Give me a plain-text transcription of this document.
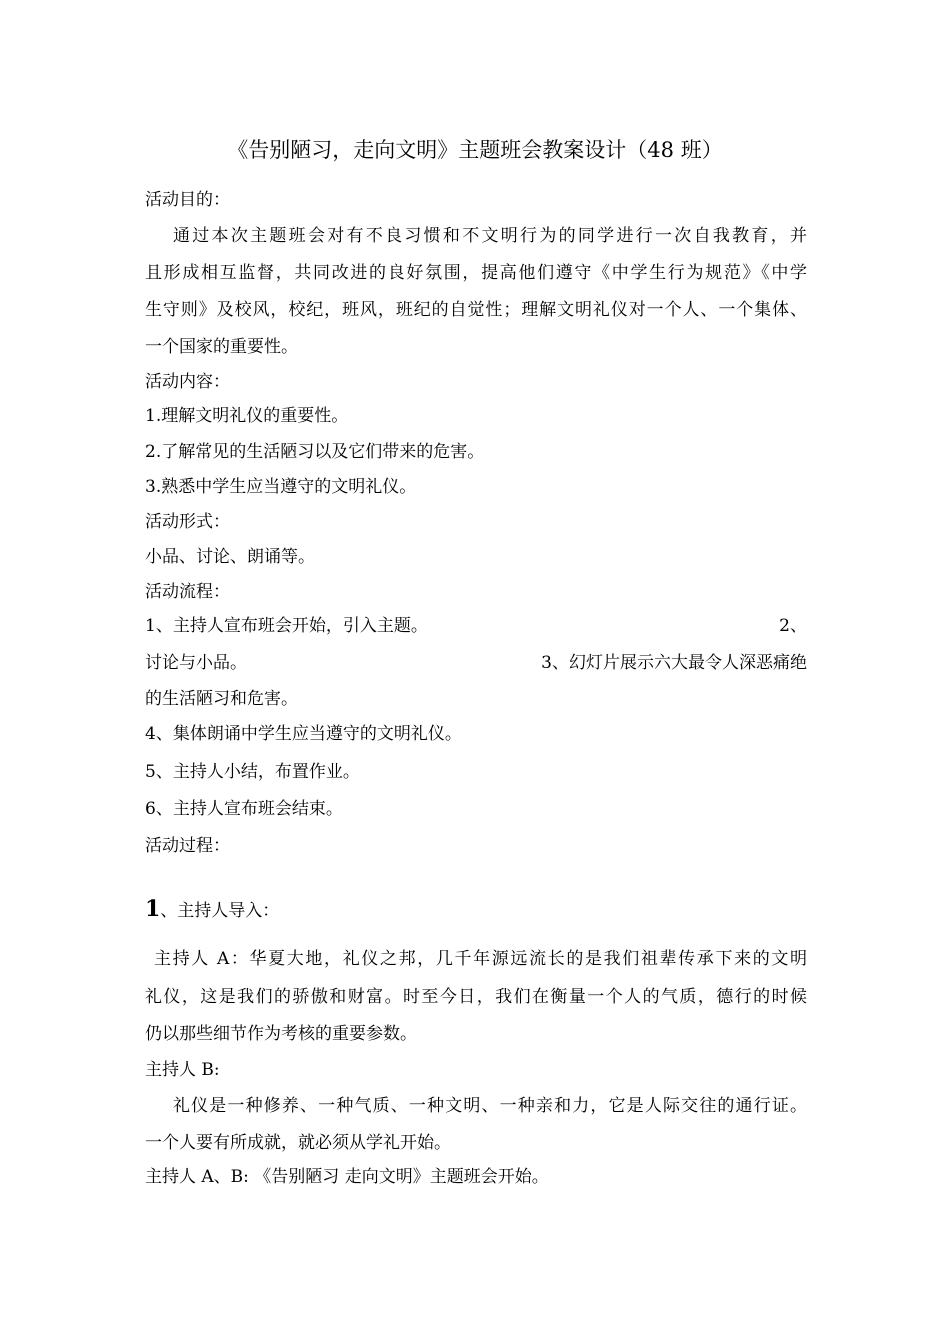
《告别陋习，走向文明》主题班会教案设计（48 班）
活动目的：
通过本次主题班会对有不良习惯和不文明行为的同学进行一次自我教育，并
且形成相互监督，共同改进的良好氛围，提高他们遵守《中学生行为规范》《中学
生守则》及校风，校纪，班风，班纪的自觉性；理解文明礼仪对一个人、一个集体、
一个国家的重要性。
活动内容：
1.理解文明礼仪的重要性。
2.了解常见的生活陋习以及它们带来的危害。
3.熟悉中学生应当遵守的文明礼仪。
活动形式：
小品、讨论、朗诵等。
活动流程：
1、主持人宣布班会开始，引入主题。	2、
讨论与小品。	3、幻灯片展示六大最令人深恶痛绝
的生活陋习和危害。
4、集体朗诵中学生应当遵守的文明礼仪。
5、主持人小结，布置作业。
6、主持人宣布班会结束。
活动过程：
1、主持人导入：
主持人 A：华夏大地，礼仪之邦，几千年源远流长的是我们祖辈传承下来的文明
礼仪，这是我们的骄傲和财富。时至今日，我们在衡量一个人的气质，德行的时候
仍以那些细节作为考核的重要参数。
主持人 B:
礼仪是一种修养、一种气质、一种文明、一种亲和力，它是人际交往的通行证。
一个人要有所成就，就必须从学礼开始。
主持人 A、B: 《告别陋习 走向文明》主题班会开始。
